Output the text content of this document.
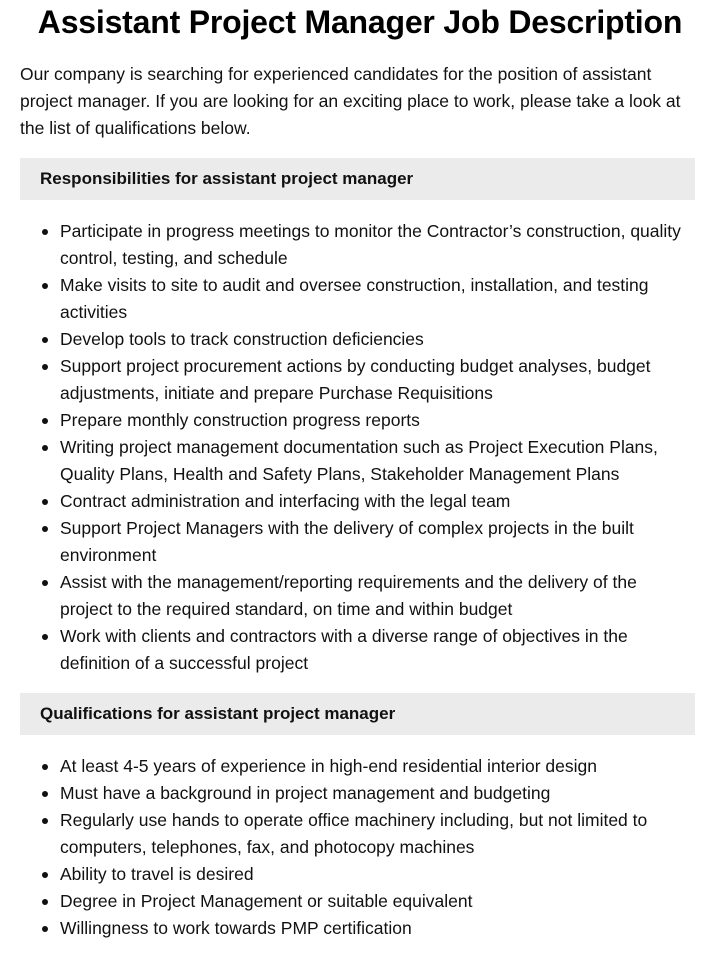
Assistant Project Manager Job Description

Our company is searching for experienced candidates for the position of assistant project manager. If you are looking for an exciting place to work, please take a look at the list of qualifications below.

Responsibilities for assistant project manager
Participate in progress meetings to monitor the Contractor’s construction, quality control, testing, and schedule
Make visits to site to audit and oversee construction, installation, and testing activities
Develop tools to track construction deficiencies
Support project procurement actions by conducting budget analyses, budget adjustments, initiate and prepare Purchase Requisitions
Prepare monthly construction progress reports
Writing project management documentation such as Project Execution Plans, Quality Plans, Health and Safety Plans, Stakeholder Management Plans
Contract administration and interfacing with the legal team
Support Project Managers with the delivery of complex projects in the built environment
Assist with the management/reporting requirements and the delivery of the project to the required standard, on time and within budget
Work with clients and contractors with a diverse range of objectives in the definition of a successful project
Qualifications for assistant project manager
At least 4-5 years of experience in high-end residential interior design
Must have a background in project management and budgeting
Regularly use hands to operate office machinery including, but not limited to computers, telephones, fax, and photocopy machines
Ability to travel is desired
Degree in Project Management or suitable equivalent
Willingness to work towards PMP certification
